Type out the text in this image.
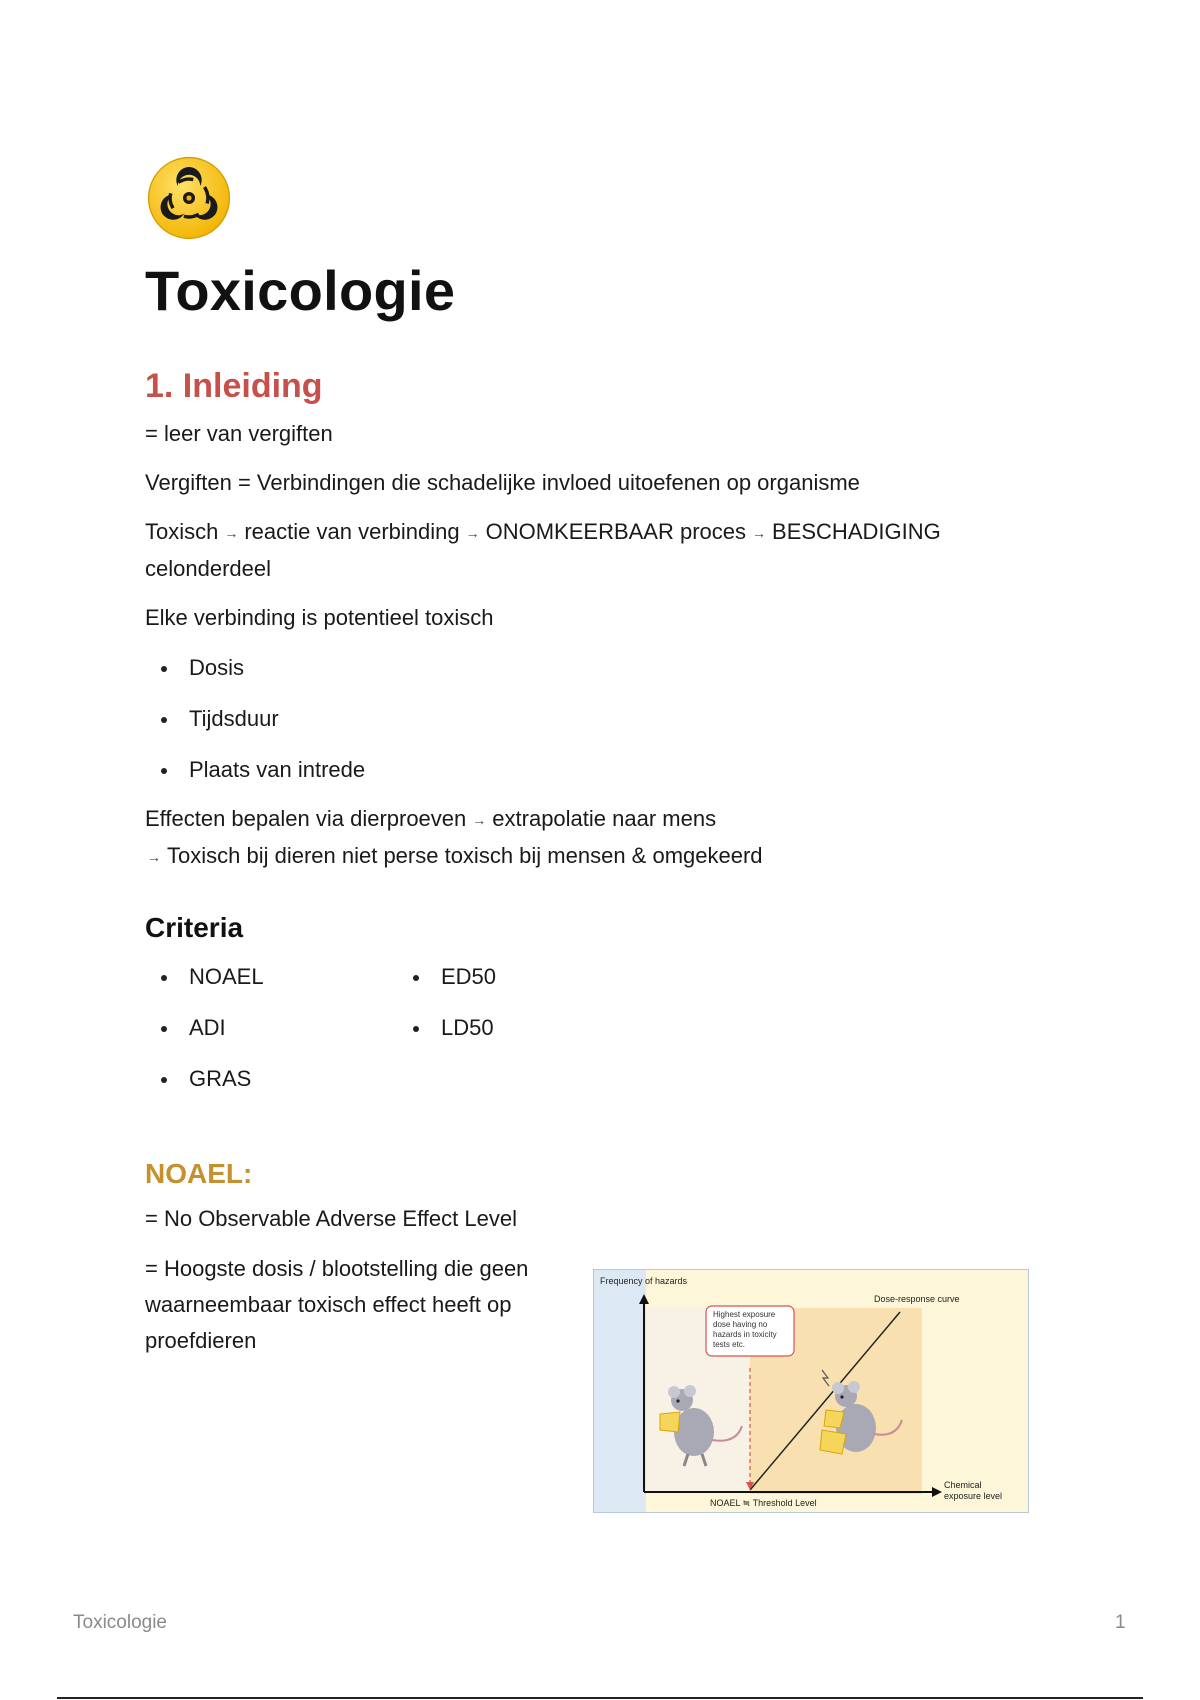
Toxicologie
1. Inleiding

= leer van vergiften

Vergiften = Verbindingen die schadelijke invloed uitoefenen op organisme

Toxisch → reactie van verbinding → ONOMKEERBAAR proces → BESCHADIGING celonderdeel

Elke verbinding is potentieel toxisch

Dosis
Tijdsduur
Plaats van intrede

Effecten bepalen via dierproeven → extrapolatie naar mens
→ Toxisch bij dieren niet perse toxisch bij mensen & omgekeerd

Criteria
NOAEL
ADI
GRAS
ED50
LD50
NOAEL:

= No Observable Adverse Effect Level

= Hoogste dosis / blootstelling die geen waarneembaar toxisch effect heeft op proefdieren

Highest exposure
dose having no
hazards in toxicity
tests etc.
Frequency of hazards
Dose-response curve
NOAEL ≒ Threshold Level
Chemical
exposure level
Toxicologie	1
